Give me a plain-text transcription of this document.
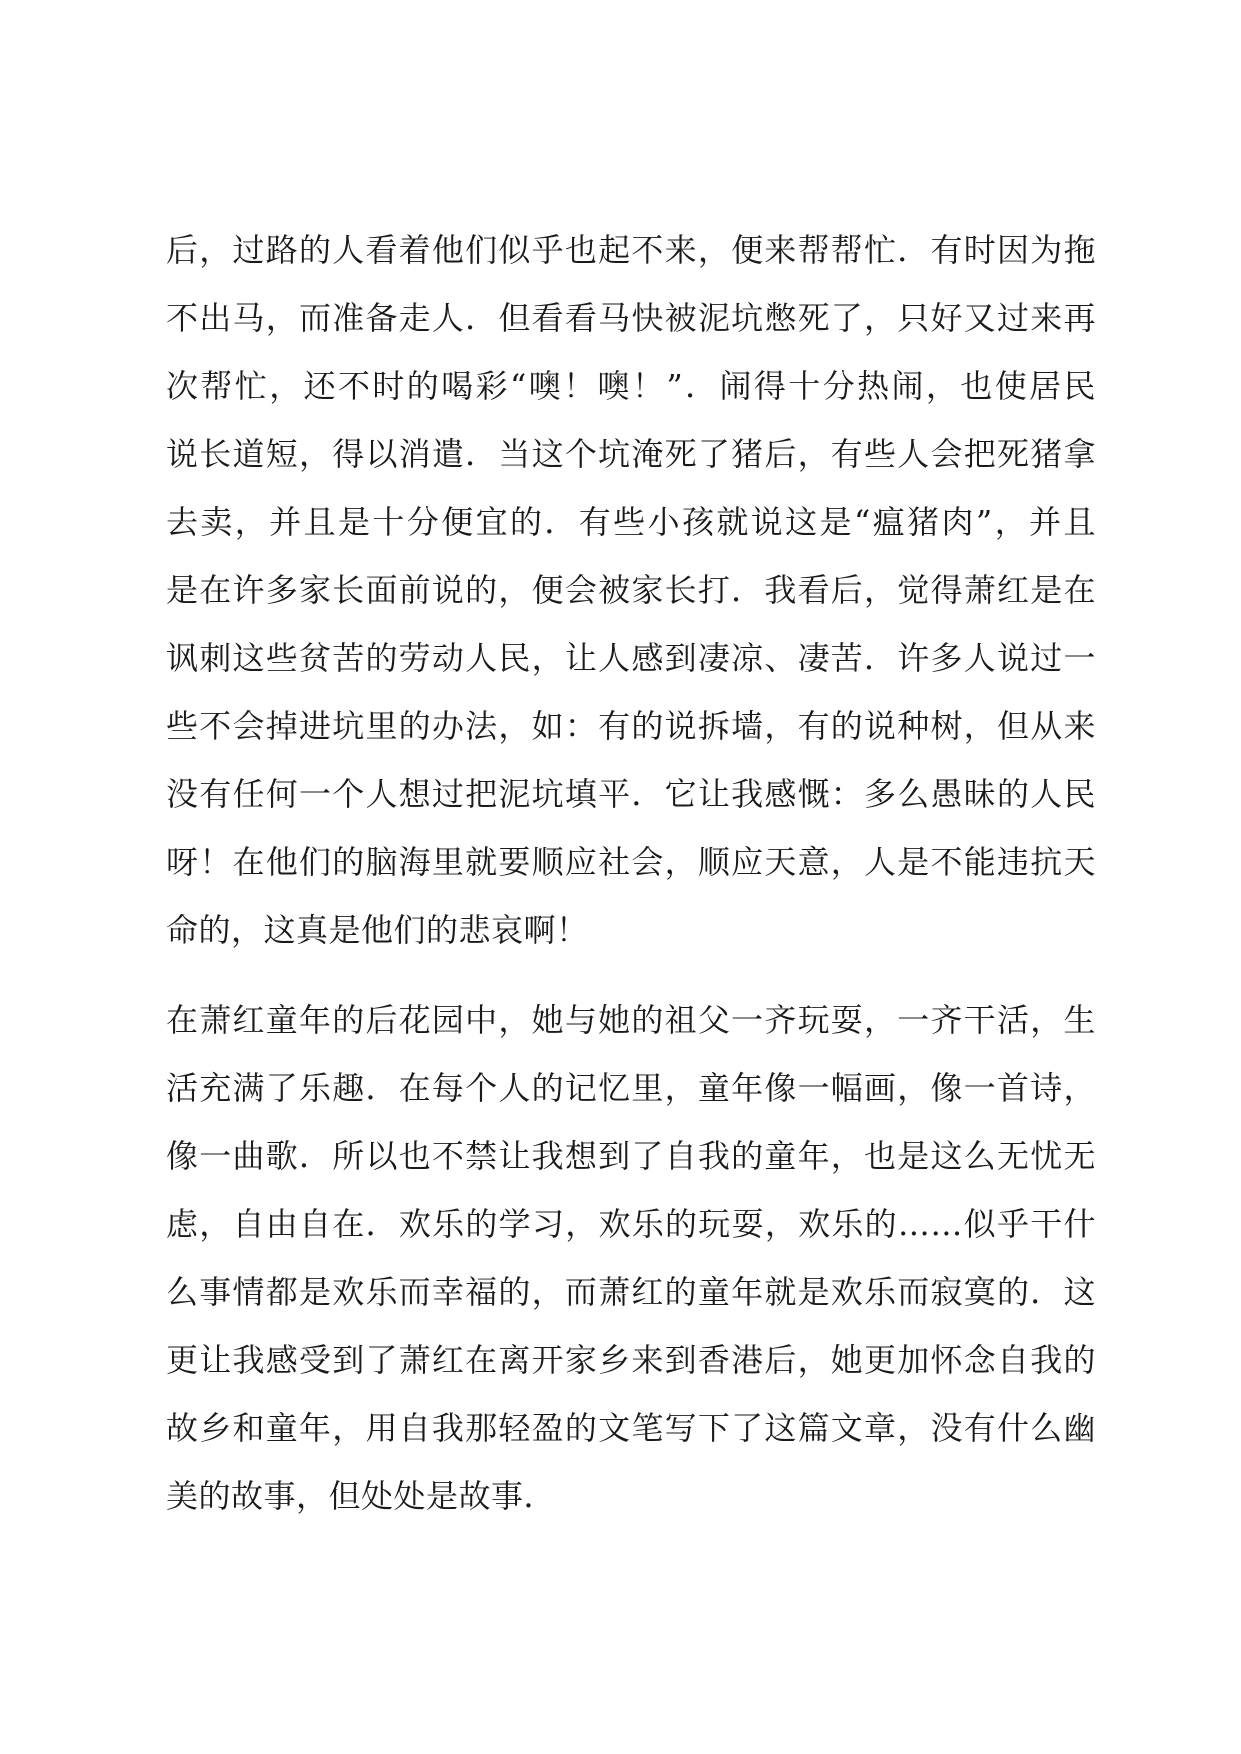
后，过路的人看着他们似乎也起不来，便来帮帮忙．有时因为拖
不出马，而准备走人．但看看马快被泥坑憋死了，只好又过来再
次帮忙，还不时的喝彩“噢！噢！”．闹得十分热闹，也使居民
说长道短，得以消遣．当这个坑淹死了猪后，有些人会把死猪拿
去卖，并且是十分便宜的．有些小孩就说这是“瘟猪肉”，并且
是在许多家长面前说的，便会被家长打．我看后，觉得萧红是在
讽刺这些贫苦的劳动人民，让人感到凄凉、凄苦．许多人说过一
些不会掉进坑里的办法，如：有的说拆墙，有的说种树，但从来
没有任何一个人想过把泥坑填平．它让我感慨：多么愚昧的人民
呀！在他们的脑海里就要顺应社会，顺应天意，人是不能违抗天
命的，这真是他们的悲哀啊！
在萧红童年的后花园中，她与她的祖父一齐玩耍，一齐干活，生
活充满了乐趣．在每个人的记忆里，童年像一幅画，像一首诗，
像一曲歌．所以也不禁让我想到了自我的童年，也是这么无忧无
虑，自由自在．欢乐的学习，欢乐的玩耍，欢乐的……似乎干什
么事情都是欢乐而幸福的，而萧红的童年就是欢乐而寂寞的．这
更让我感受到了萧红在离开家乡来到香港后，她更加怀念自我的
故乡和童年，用自我那轻盈的文笔写下了这篇文章，没有什么幽
美的故事，但处处是故事．
